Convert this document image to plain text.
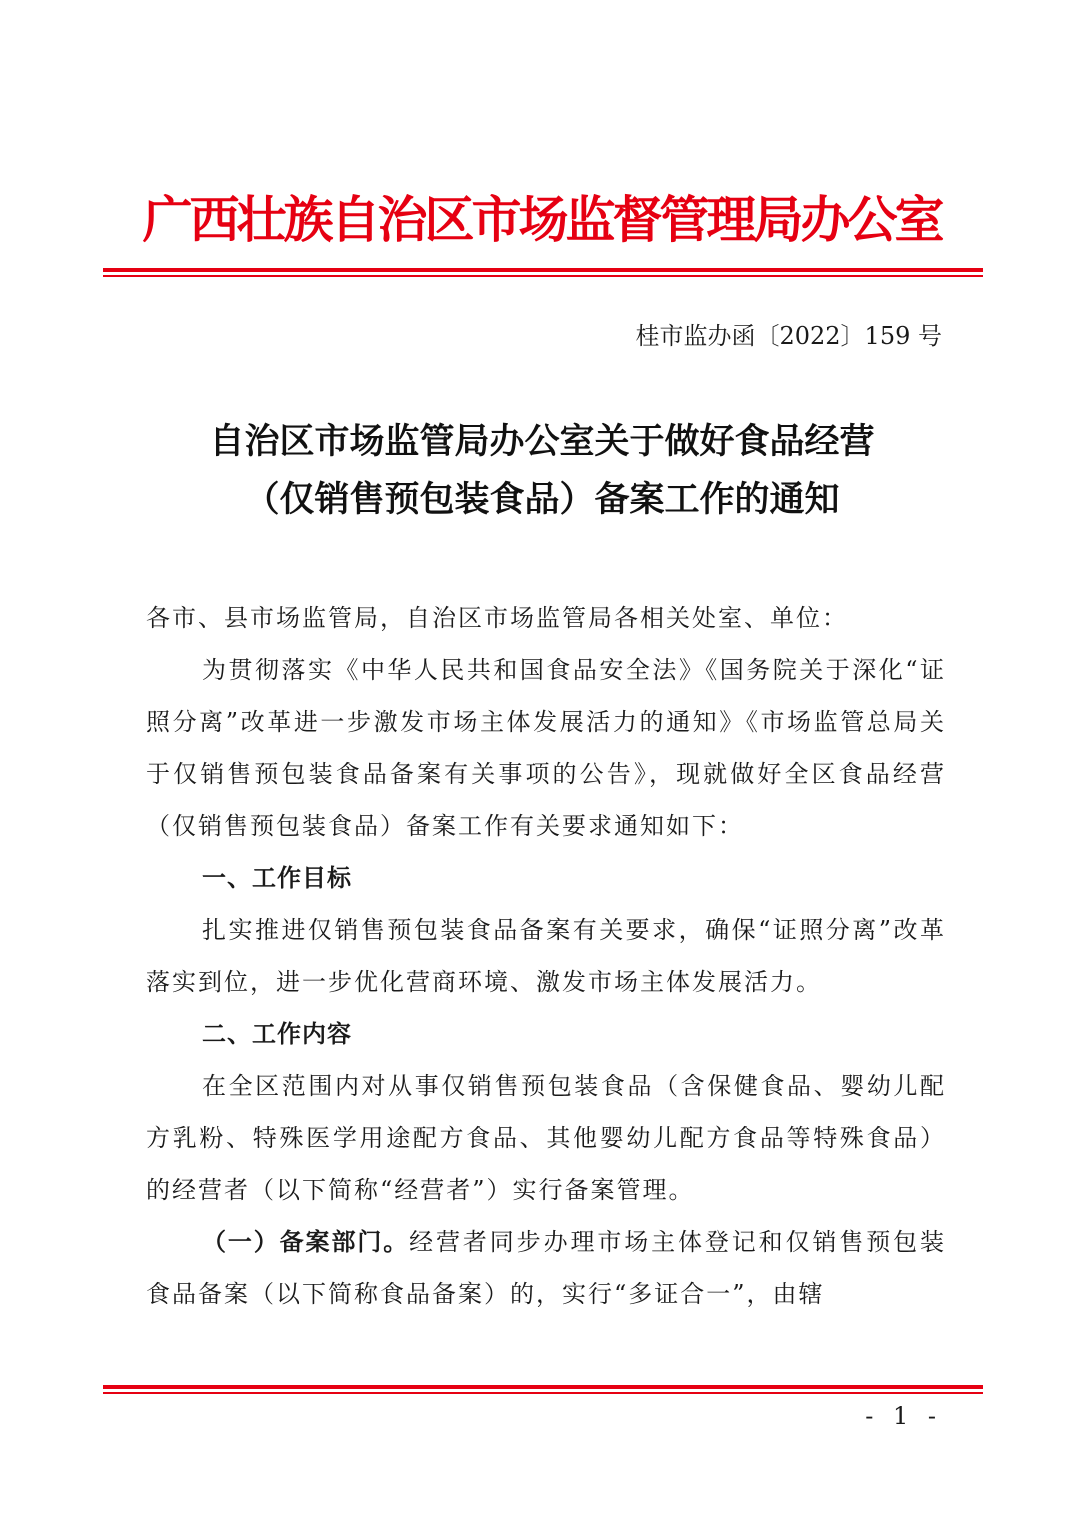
广西壮族自治区市场监督管理局办公室
桂市监办函〔2022〕159 号
自治区市场监管局办公室关于做好食品经营
（仅销售预包装食品）备案工作的通知

各市、县市场监管局，自治区市场监管局各相关处室、单位：

为贯彻落实《中华人民共和国食品安全法》《国务院关于深化“证照分离”改革进一步激发市场主体发展活力的通知》《市场监管总局关于仅销售预包装食品备案有关事项的公告》，现就做好全区食品经营（仅销售预包装食品）备案工作有关要求通知如下：

一、工作目标

扎实推进仅销售预包装食品备案有关要求，确保“证照分离”改革落实到位，进一步优化营商环境、激发市场主体发展活力。

二、工作内容

在全区范围内对从事仅销售预包装食品（含保健食品、婴幼儿配方乳粉、特殊医学用途配方食品、其他婴幼儿配方食品等特殊食品）的经营者（以下简称“经营者”）实行备案管理。

（一）备案部门。经营者同步办理市场主体登记和仅销售预包装食品备案（以下简称食品备案）的，实行“多证合一”，由辖

- 1 -
